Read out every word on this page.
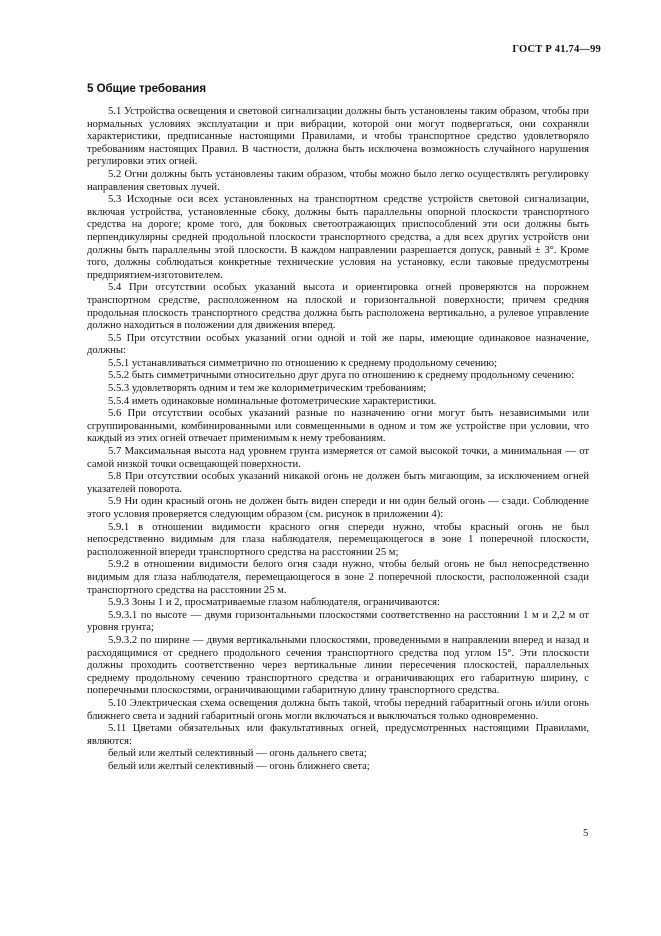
ГОСТ Р 41.74—99
5 Общие требования

5.1 Устройства освещения и световой сигнализации должны быть установлены таким образом, чтобы при нормальных условиях эксплуатации и при вибрации, которой они могут подвергаться, они сохраняли характеристики, предписанные настоящими Правилами, и чтобы транспортное средство удовлетворяло требованиям настоящих Правил. В частности, должна быть исключена возможность случайного нарушения регулировки этих огней.

5.2 Огни должны быть установлены таким образом, чтобы можно было легко осуществлять регулировку направления световых лучей.

5.3 Исходные оси всех установленных на транспортном средстве устройств световой сигнализации, включая устройства, установленные сбоку, должны быть параллельны опорной плоскости транспортного средства на дороге; кроме того, для боковых светоотражающих приспособлений эти оси должны быть перпендикулярны средней продольной плоскости транспортного средства, а для всех других устройств они должны быть параллельны этой плоскости. В каждом направлении разрешается допуск, равный ± 3°. Кроме того, должны соблюдаться конкретные технические условия на установку, если таковые предусмотрены предприятием-изготовителем.

5.4 При отсутствии особых указаний высота и ориентировка огней проверяются на порожнем транспортном средстве, расположенном на плоской и горизонтальной поверхности; причем средняя продольная плоскость транспортного средства должна быть расположена вертикально, а рулевое управление должно находиться в положении для движения вперед.

5.5 При отсутствии особых указаний огни одной и той же пары, имеющие одинаковое назначение, должны:

5.5.1 устанавливаться симметрично по отношению к среднему продольному сечению;

5.5.2 быть симметричными относительно друг друга по отношению к среднему продольному сечению:

5.5.3 удовлетворять одним и тем же колориметрическим требованиям;

5.5.4 иметь одинаковые номинальные фотометрические характеристики.

5.6 При отсутствии особых указаний разные по назначению огни могут быть независимыми или сгруппированными, комбинированными или совмещенными в одном и том же устройстве при условии, что каждый из этих огней отвечает применимым к нему требованиям.

5.7 Максимальная высота над уровнем грунта измеряется от самой высокой точки, а минимальная — от самой низкой точки освещающей поверхности.

5.8 При отсутствии особых указаний никакой огонь не должен быть мигающим, за исключением огней указателей поворота.

5.9 Ни один красный огонь не должен быть виден спереди и ни один белый огонь — сзади. Соблюдение этого условия проверяется следующим образом (см. рисунок в приложении 4):

5.9.1 в отношении видимости красного огня спереди нужно, чтобы красный огонь не был непосредственно видимым для глаза наблюдателя, перемещающегося в зоне 1 поперечной плоскости, расположенной впереди транспортного средства на расстоянии 25 м;

5.9.2 в отношении видимости белого огня сзади нужно, чтобы белый огонь не был непосредственно видимым для глаза наблюдателя, перемещающегося в зоне 2 поперечной плоскости, расположенной сзади транспортного средства на расстоянии 25 м.

5.9.3 Зоны 1 и 2, просматриваемые глазом наблюдателя, ограничиваются:

5.9.3.1 по высоте — двумя горизонтальными плоскостями соответственно на расстоянии 1 м и 2,2 м от уровня грунта;

5.9.3.2 по ширине — двумя вертикальными плоскостями, проведенными в направлении вперед и назад и расходящимися от среднего продольного сечения транспортного средства под углом 15°. Эти плоскости должны проходить соответственно через вертикальные линии пересечения плоскостей, параллельных среднему продольному сечению транспортного средства и ограничивающих его габаритную ширину, с поперечными плоскостями, ограничивающими габаритную длину транспортного средства.

5.10 Электрическая схема освещения должна быть такой, чтобы передний габаритный огонь и/или огонь ближнего света и задний габаритный огонь могли включаться и выключаться только одновременно.

5.11 Цветами обязательных или факультативных огней, предусмотренных настоящими Правилами, являются:

белый или желтый селективный — огонь дальнего света;

белый или желтый селективный — огонь ближнего света;

5
